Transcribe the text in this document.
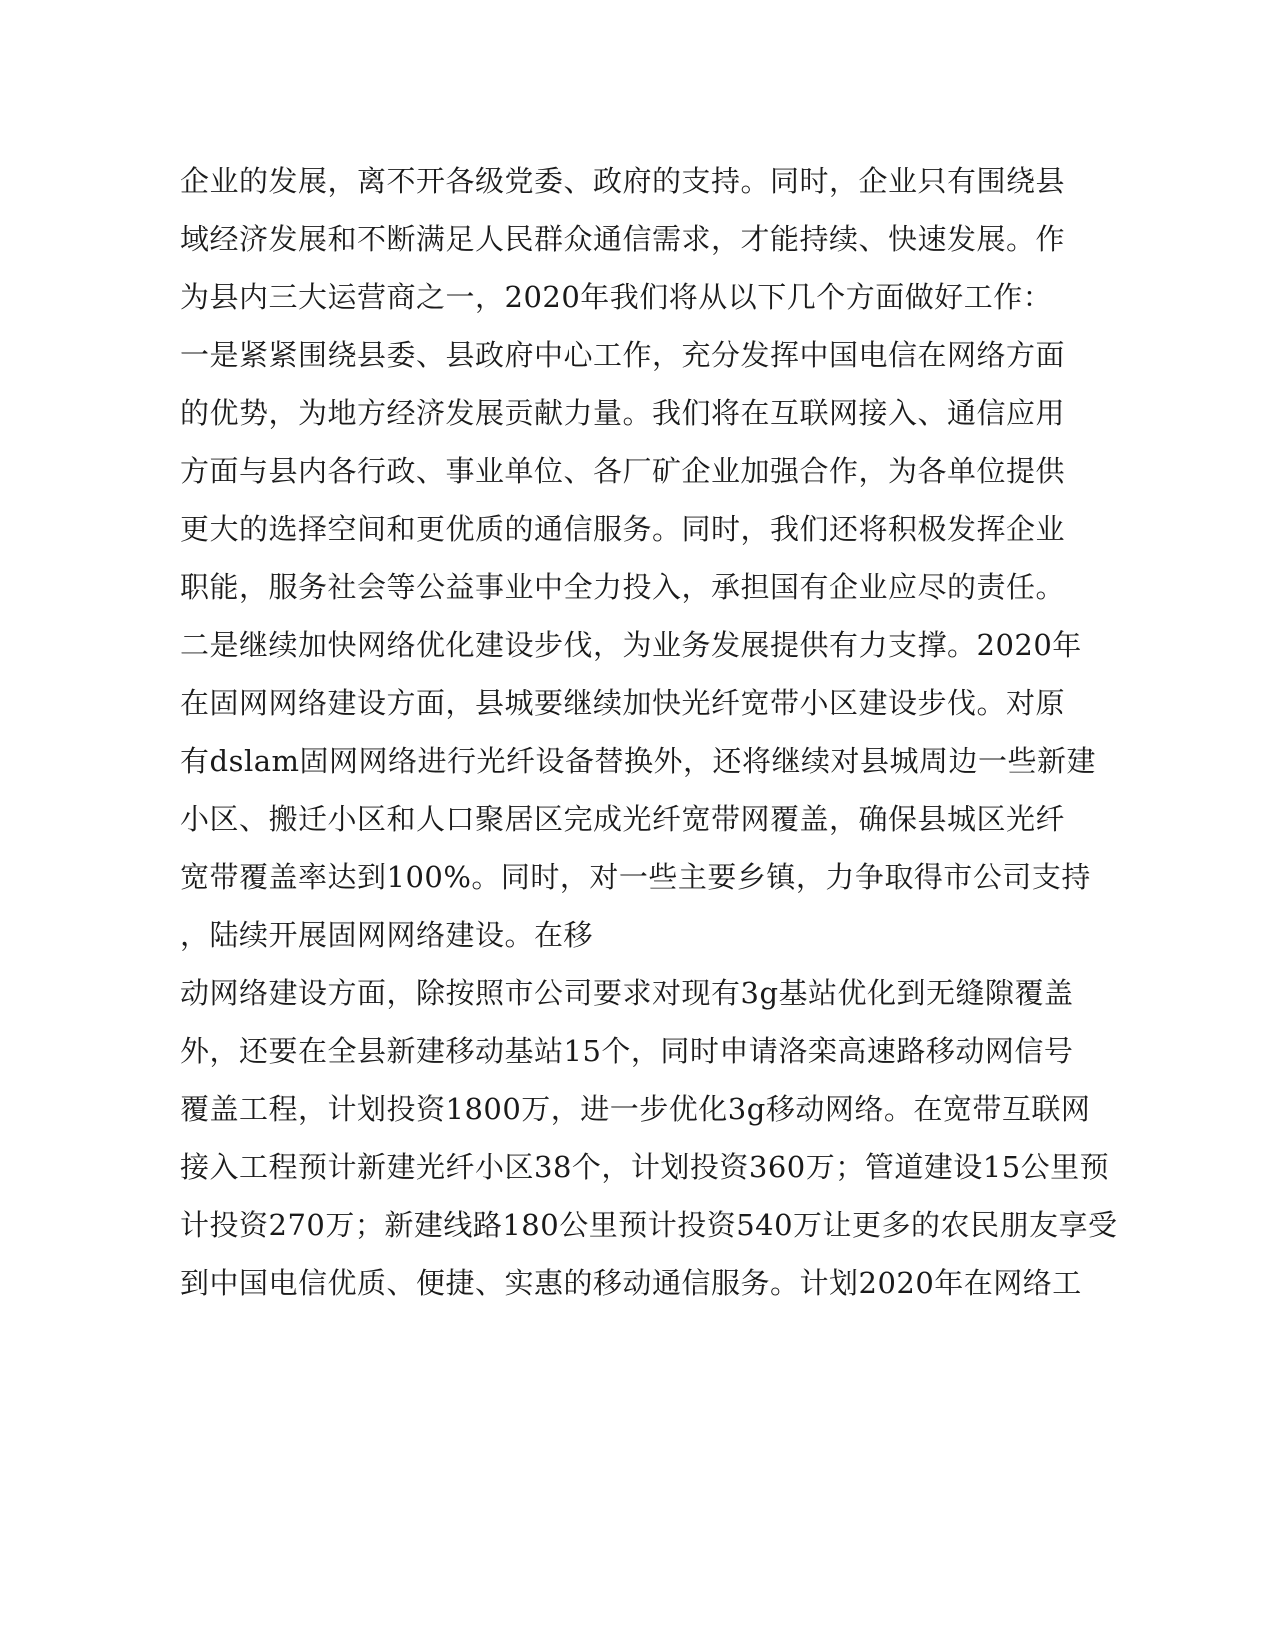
企业的发展，离不开各级党委、政府的支持。同时，企业只有围绕县
域经济发展和不断满足人民群众通信需求，才能持续、快速发展。作
为县内三大运营商之一，2020年我们将从以下几个方面做好工作：
一是紧紧围绕县委、县政府中心工作，充分发挥中国电信在网络方面
的优势，为地方经济发展贡献力量。我们将在互联网接入、通信应用
方面与县内各行政、事业单位、各厂矿企业加强合作，为各单位提供
更大的选择空间和更优质的通信服务。同时，我们还将积极发挥企业
职能，服务社会等公益事业中全力投入，承担国有企业应尽的责任。
二是继续加快网络优化建设步伐，为业务发展提供有力支撑。2020年
在固网网络建设方面，县城要继续加快光纤宽带小区建设步伐。对原
有dslam固网网络进行光纤设备替换外，还将继续对县城周边一些新建
小区、搬迁小区和人口聚居区完成光纤宽带网覆盖，确保县城区光纤
宽带覆盖率达到100%。同时，对一些主要乡镇，力争取得市公司支持
，陆续开展固网网络建设。在移
动网络建设方面，除按照市公司要求对现有3g基站优化到无缝隙覆盖
外，还要在全县新建移动基站15个，同时申请洛栾高速路移动网信号
覆盖工程，计划投资1800万，进一步优化3g移动网络。在宽带互联网
接入工程预计新建光纤小区38个，计划投资360万；管道建设15公里预
计投资270万；新建线路180公里预计投资540万让更多的农民朋友享受
到中国电信优质、便捷、实惠的移动通信服务。计划2020年在网络工
